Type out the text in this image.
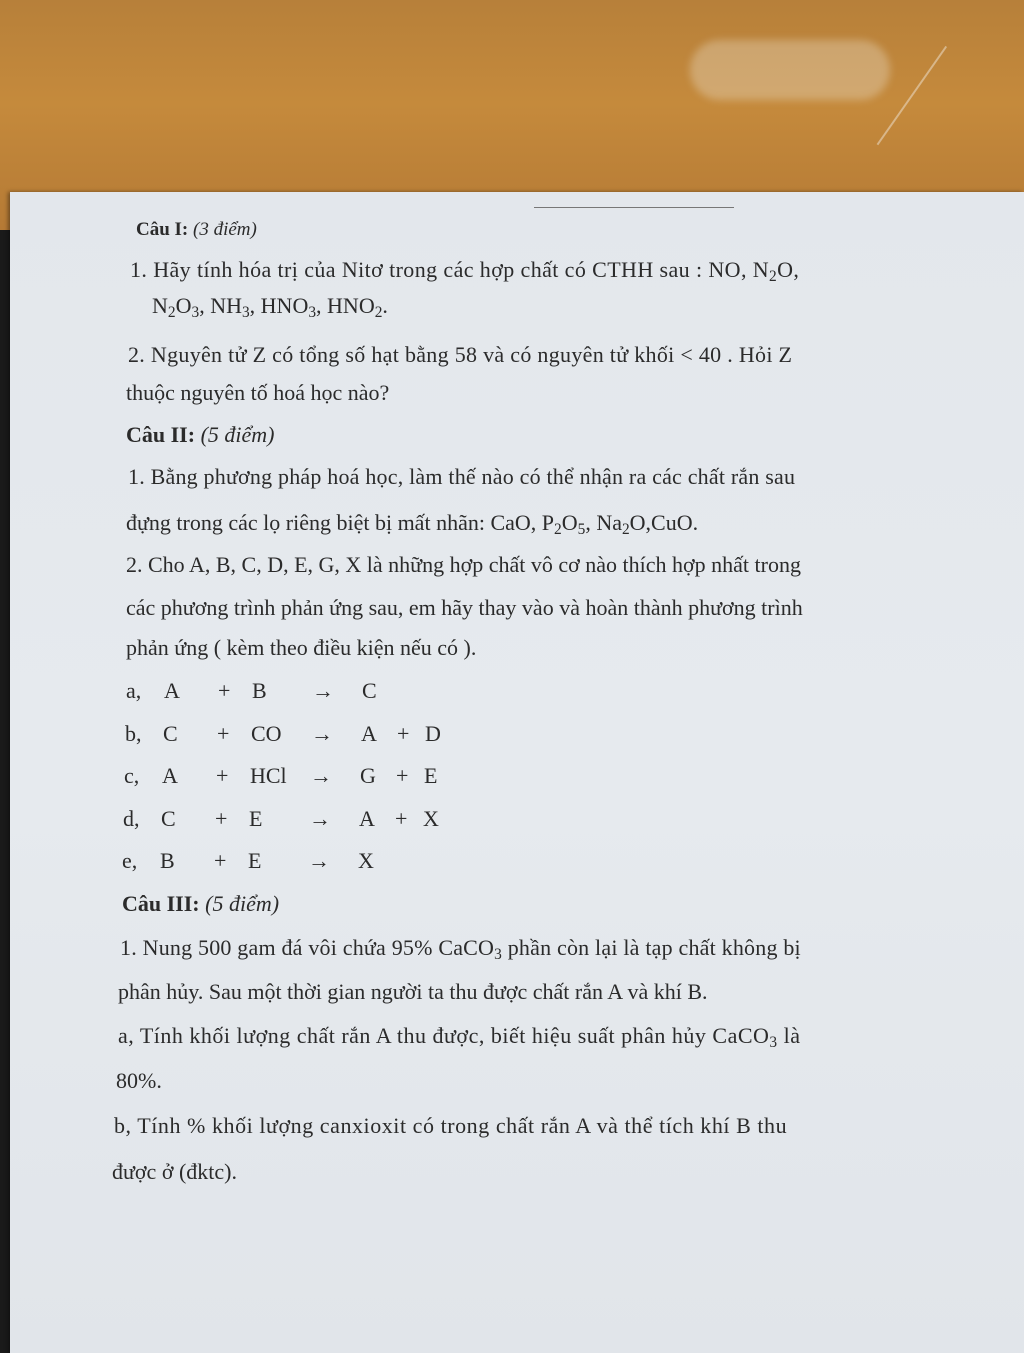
Câu I: (3 điểm)
1. Hãy tính hóa trị của Nitơ trong các hợp chất có CTHH sau : NO, $N_2O$,
$N_2O_3$, $NH_3$, $HNO_3$, $HNO_2$.
2. Nguyên tử Z có tổng số hạt bằng 58 và có nguyên tử khối < 40 . Hỏi Z
thuộc nguyên tố hoá học nào?
Câu II: (5 điểm)
1. Bằng phương pháp hoá học, làm thế nào có thể nhận ra các chất rắn sau
đựng trong các lọ riêng biệt bị mất nhãn: CaO, $P_2O_5$, $Na_2O,CuO$.
2. Cho A, B, C, D, E, G, X là những hợp chất vô cơ nào thích hợp nhất trong
các phương trình phản ứng sau, em hãy thay vào và hoàn thành phương trình
phản ứng ( kèm theo điều kiện nếu có ).
a, A + B → C
b, C + CO → A + D
c, A + HCl → G + E
d, C + E → A + X
e, B + E → X
Câu III: (5 điểm)
1. Nung 500 gam đá vôi chứa 95% CaCO$_3$ phần còn lại là tạp chất không bị
phân hủy. Sau một thời gian người ta thu được chất rắn A và khí B.
a, Tính khối lượng chất rắn A thu được, biết hiệu suất phân hủy CaCO$_3$ là
80%.
b, Tính % khối lượng canxioxit có trong chất rắn A và thể tích khí B thu
được ở (đktc).
